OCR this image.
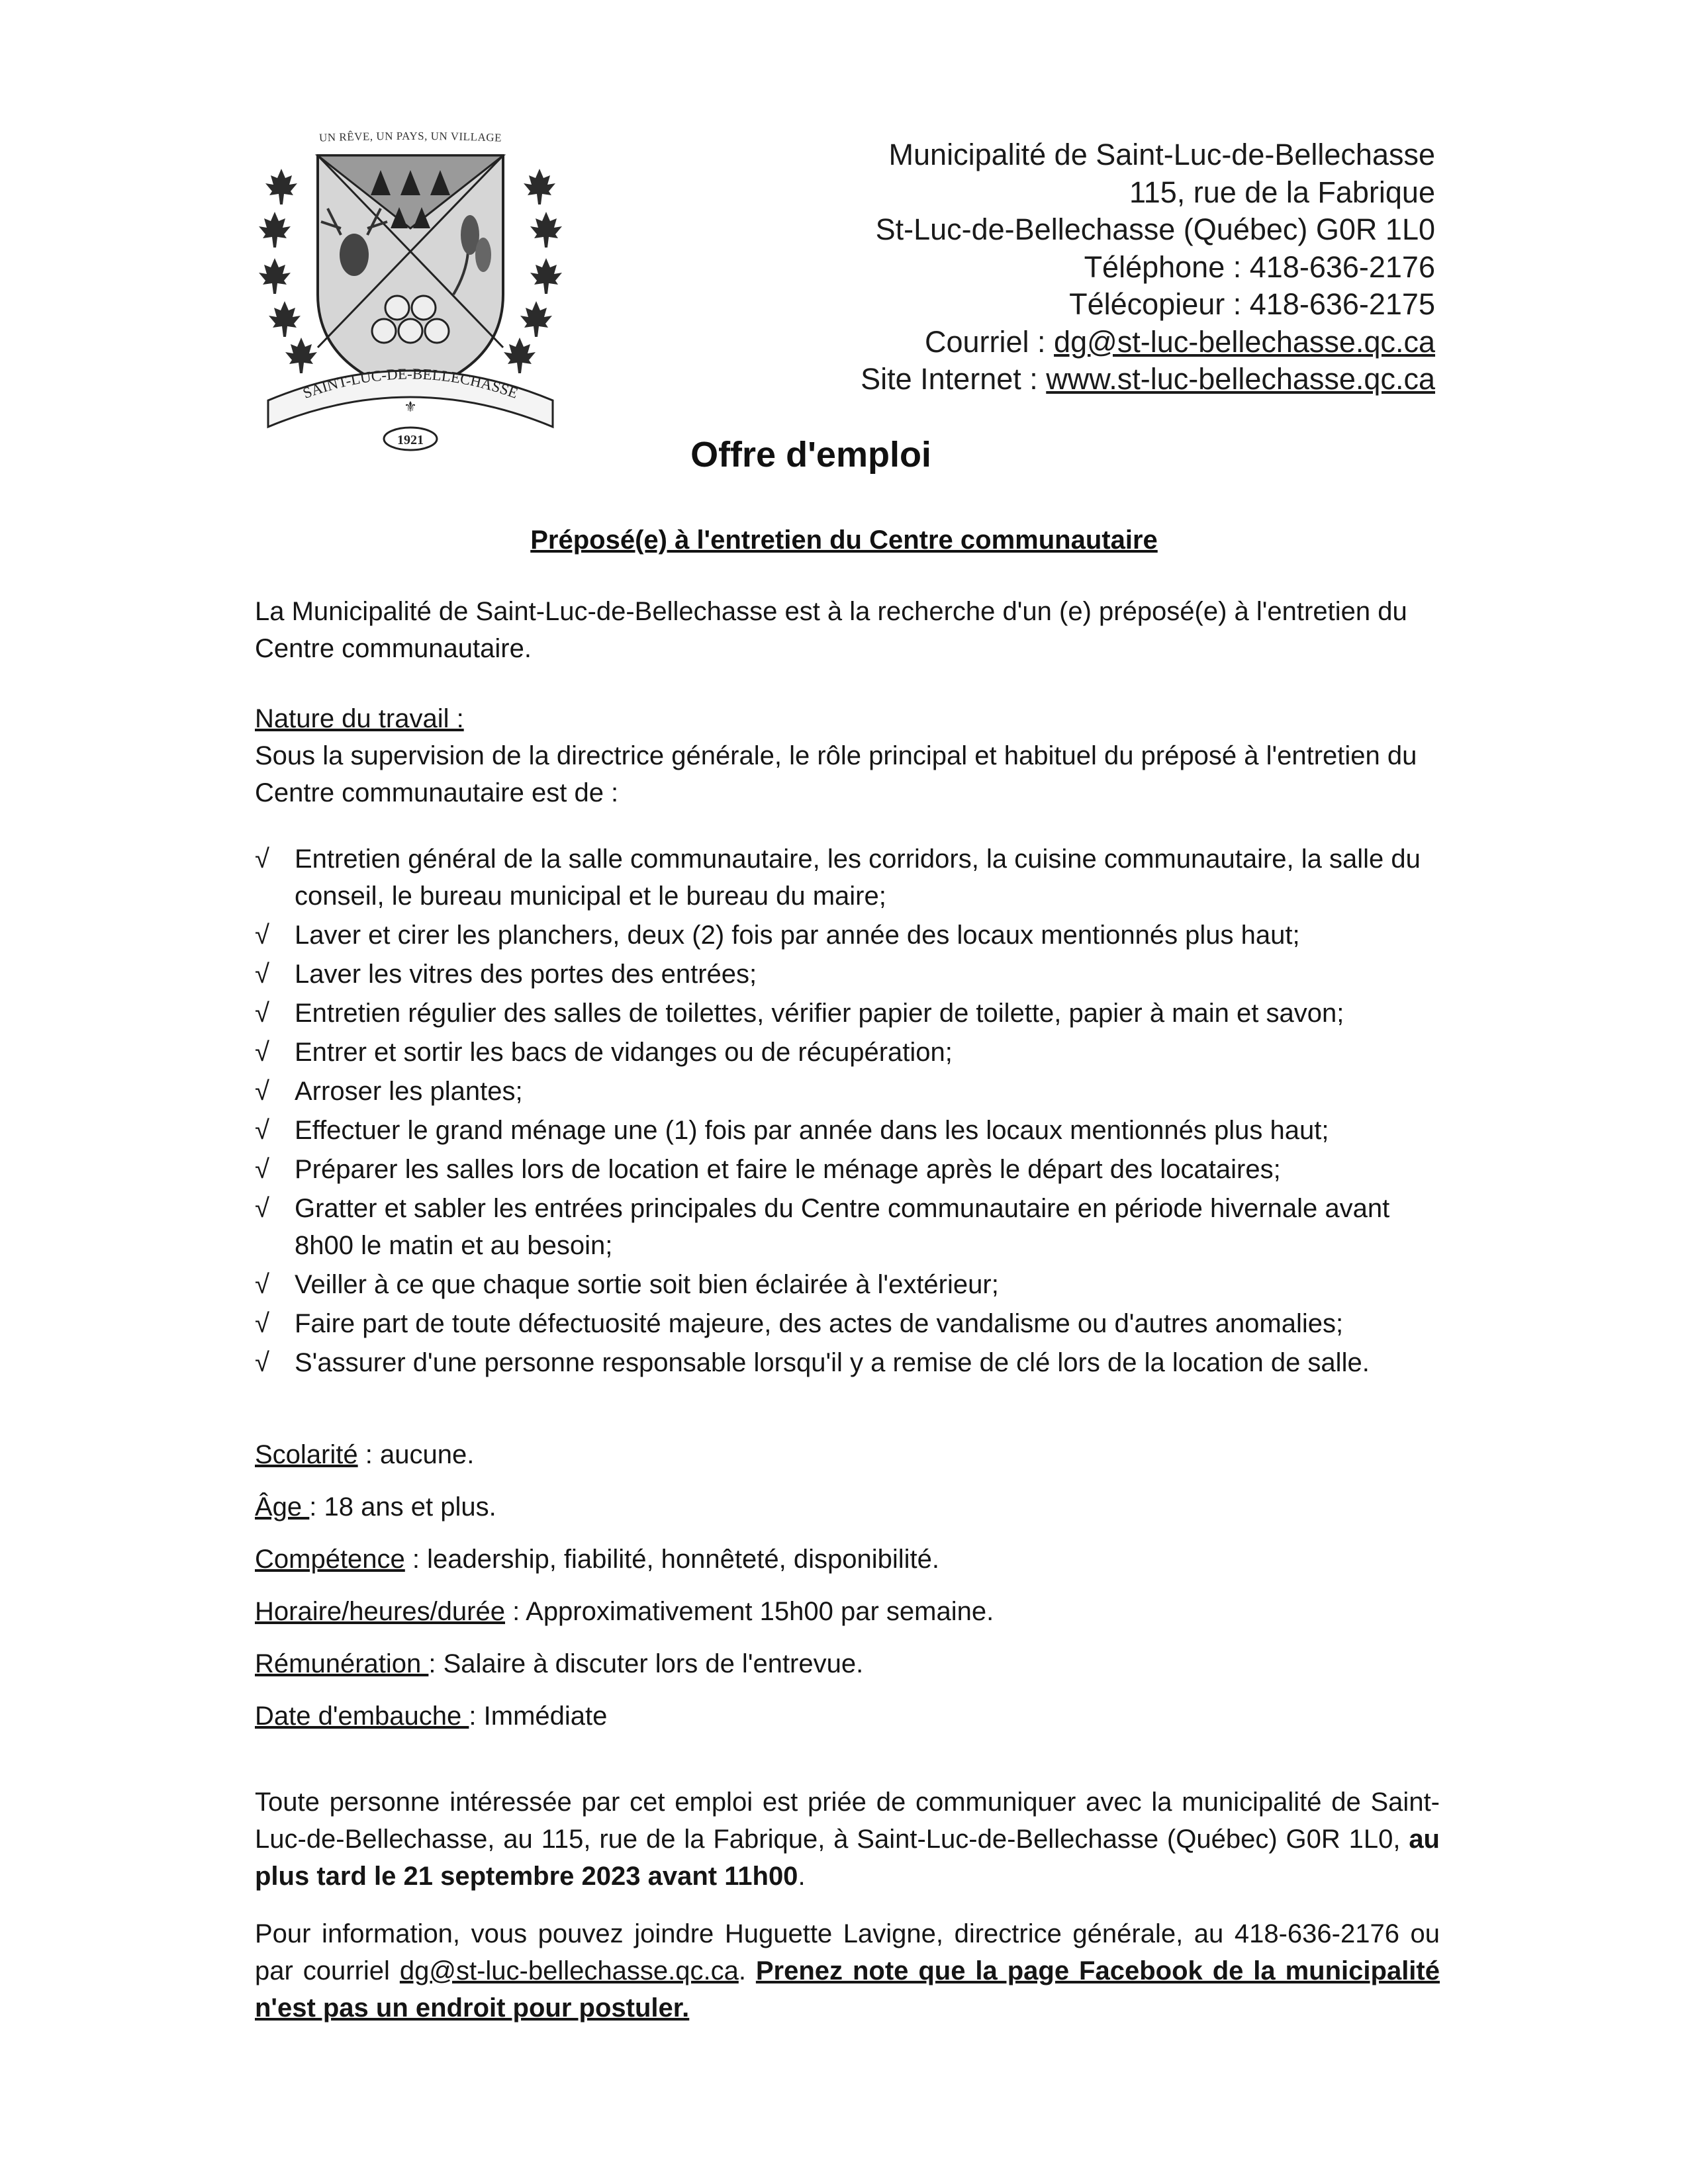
UN RÊVE, UN PAYS, UN VILLAGE
SAINT-LUC-DE-BELLECHASSE
⚜
1921
Municipalité de Saint-Luc-de-Bellechasse
115, rue de la Fabrique
St-Luc-de-Bellechasse (Québec) G0R 1L0
Téléphone : 418-636-2176
Télécopieur : 418-636-2175
Courriel : dg@st-luc-bellechasse.qc.ca
Site Internet : www.st-luc-bellechasse.qc.ca
Offre d'emploi
Préposé(e) à l'entretien du Centre communautaire
La Municipalité de Saint-Luc-de-Bellechasse est à la recherche d'un (e) préposé(e) à l'entretien du Centre communautaire.
Nature du travail :
Sous la supervision de la directrice générale, le rôle principal et habituel du préposé à l'entretien du Centre communautaire est de :
√ Entretien général de la salle communautaire, les corridors, la cuisine communautaire, la salle du conseil, le bureau municipal et le bureau du maire;
√ Laver et cirer les planchers, deux (2) fois par année des locaux mentionnés plus haut;
√ Laver les vitres des portes des entrées;
√ Entretien régulier des salles de toilettes, vérifier papier de toilette, papier à main et savon;
√ Entrer et sortir les bacs de vidanges ou de récupération;
√ Arroser les plantes;
√ Effectuer le grand ménage une (1) fois par année dans les locaux mentionnés plus haut;
√ Préparer les salles lors de location et faire le ménage après le départ des locataires;
√ Gratter et sabler les entrées principales du Centre communautaire en période hivernale avant 8h00 le matin et au besoin;
√ Veiller à ce que chaque sortie soit bien éclairée à l'extérieur;
√ Faire part de toute défectuosité majeure, des actes de vandalisme ou d'autres anomalies;
√ S'assurer d'une personne responsable lorsqu'il y a remise de clé lors de la location de salle.
Scolarité : aucune.
Âge : 18 ans et plus.
Compétence : leadership, fiabilité, honnêteté, disponibilité.
Horaire/heures/durée : Approximativement 15h00 par semaine.
Rémunération : Salaire à discuter lors de l'entrevue.
Date d'embauche : Immédiate
Toute personne intéressée par cet emploi est priée de communiquer avec la municipalité de Saint-Luc-de-Bellechasse, au 115, rue de la Fabrique, à Saint-Luc-de-Bellechasse (Québec) G0R 1L0, au plus tard le 21 septembre 2023 avant 11h00.
Pour information, vous pouvez joindre Huguette Lavigne, directrice générale, au 418-636-2176 ou par courriel dg@st-luc-bellechasse.qc.ca. Prenez note que la page Facebook de la municipalité n'est pas un endroit pour postuler.
